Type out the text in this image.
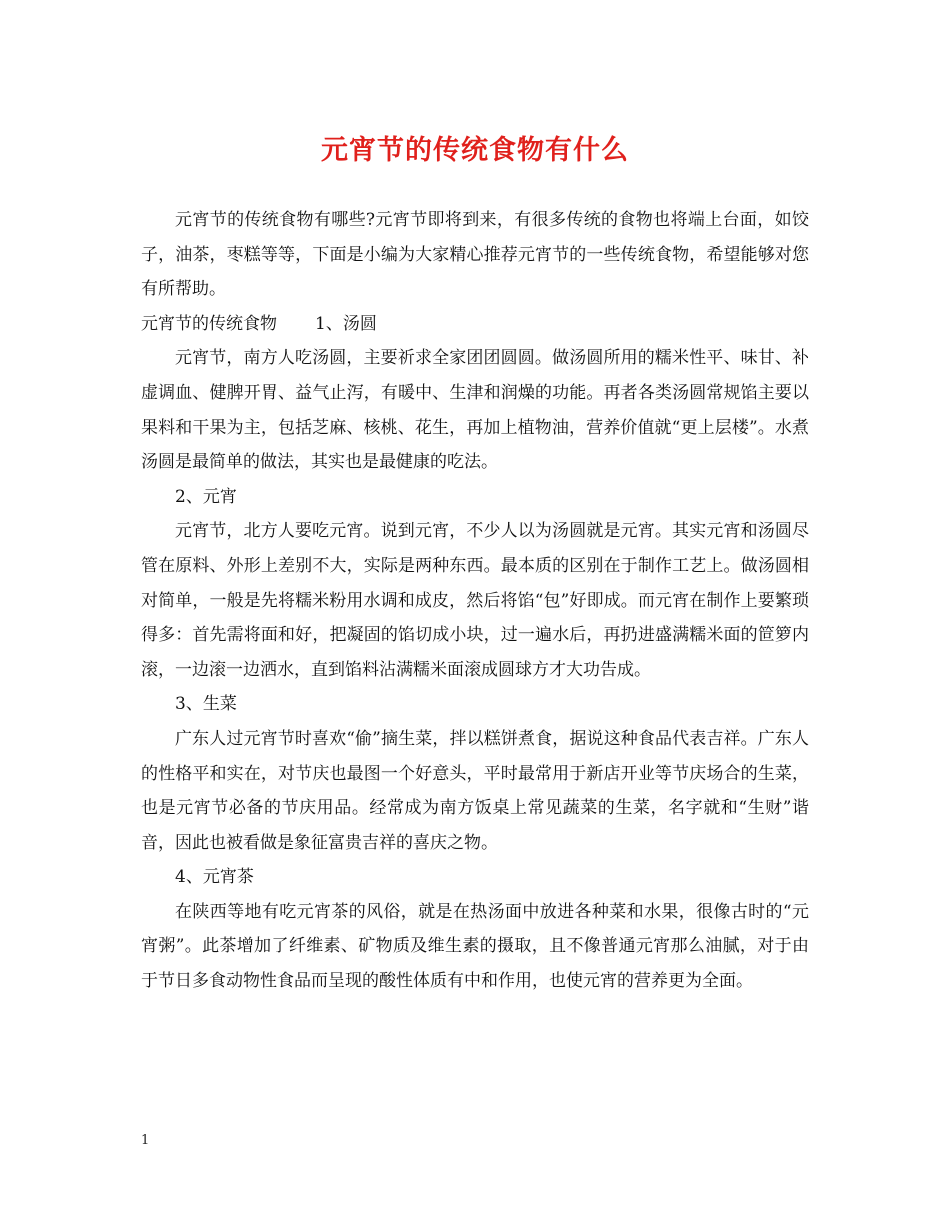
元宵节的传统食物有什么

元宵节的传统食物有哪些?元宵节即将到来，有很多传统的食物也将端上台面，如饺子，油茶，枣糕等等，下面是小编为大家精心推荐元宵节的一些传统食物，希望能够对您有所帮助。

元宵节的传统食物 1、汤圆

元宵节，南方人吃汤圆，主要祈求全家团团圆圆。做汤圆所用的糯米性平、味甘、补虚调血、健脾开胃、益气止泻，有暖中、生津和润燥的功能。再者各类汤圆常规馅主要以果料和干果为主，包括芝麻、核桃、花生，再加上植物油，营养价值就“更上层楼”。水煮汤圆是最简单的做法，其实也是最健康的吃法。

2、元宵

元宵节，北方人要吃元宵。说到元宵，不少人以为汤圆就是元宵。其实元宵和汤圆尽管在原料、外形上差别不大，实际是两种东西。最本质的区别在于制作工艺上。做汤圆相对简单，一般是先将糯米粉用水调和成皮，然后将馅“包”好即成。而元宵在制作上要繁琐得多：首先需将面和好，把凝固的馅切成小块，过一遍水后，再扔进盛满糯米面的笸箩内滚，一边滚一边洒水，直到馅料沾满糯米面滚成圆球方才大功告成。

3、生菜

广东人过元宵节时喜欢“偷”摘生菜，拌以糕饼煮食，据说这种食品代表吉祥。广东人的性格平和实在，对节庆也最图一个好意头，平时最常用于新店开业等节庆场合的生菜，也是元宵节必备的节庆用品。经常成为南方饭桌上常见蔬菜的生菜，名字就和“生财”谐音，因此也被看做是象征富贵吉祥的喜庆之物。

4、元宵茶

在陕西等地有吃元宵茶的风俗，就是在热汤面中放进各种菜和水果，很像古时的“元宵粥”。此茶增加了纤维素、矿物质及维生素的摄取，且不像普通元宵那么油腻，对于由于节日多食动物性食品而呈现的酸性体质有中和作用，也使元宵的营养更为全面。

1
